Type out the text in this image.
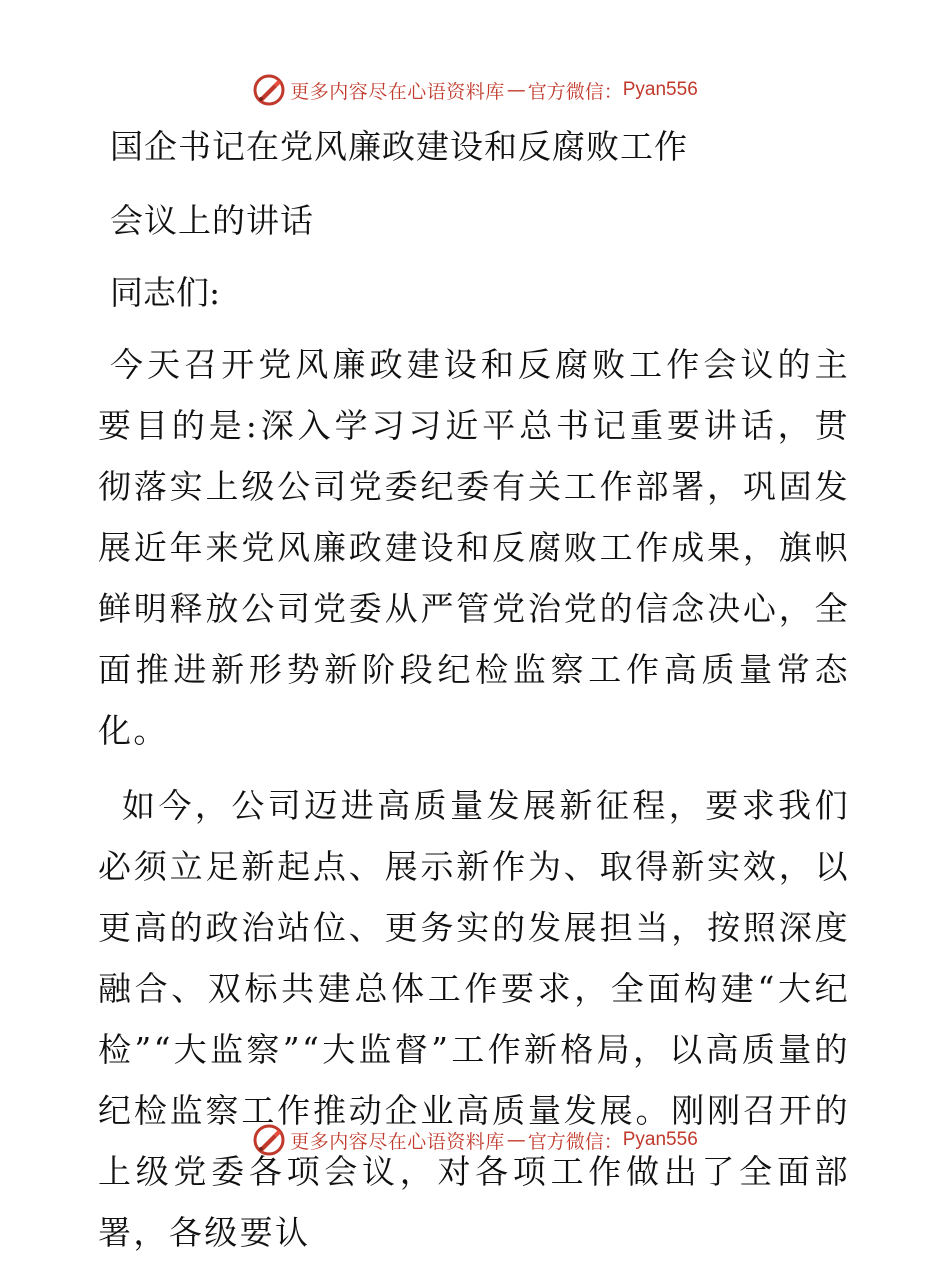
更多内容尽在心语资料库 — 官方微信： Pyan556
国企书记在党风廉政建设和反腐败工作
会议上的讲话

同志们:

今天召开党风廉政建设和反腐败工作会议的主要目的是:深入学习习近平总书记重要讲话，贯彻落实上级公司党委纪委有关工作部署，巩固发展近年来党风廉政建设和反腐败工作成果，旗帜鲜明释放公司党委从严管党治党的信念决心，全面推进新形势新阶段纪检监察工作高质量常态化。

如今，公司迈进高质量发展新征程，要求我们必须立足新起点、展示新作为、取得新实效，以更高的政治站位、更务实的发展担当，按照深度融合、双标共建总体工作要求，全面构建“大纪检”“大监察”“大监督”工作新格局，以高质量的纪检监察工作推动企业高质量发展。刚刚召开的上级党委各项会议，对各项工作做出了全面部署，各级要认

更多内容尽在心语资料库 — 官方微信： Pyan556
